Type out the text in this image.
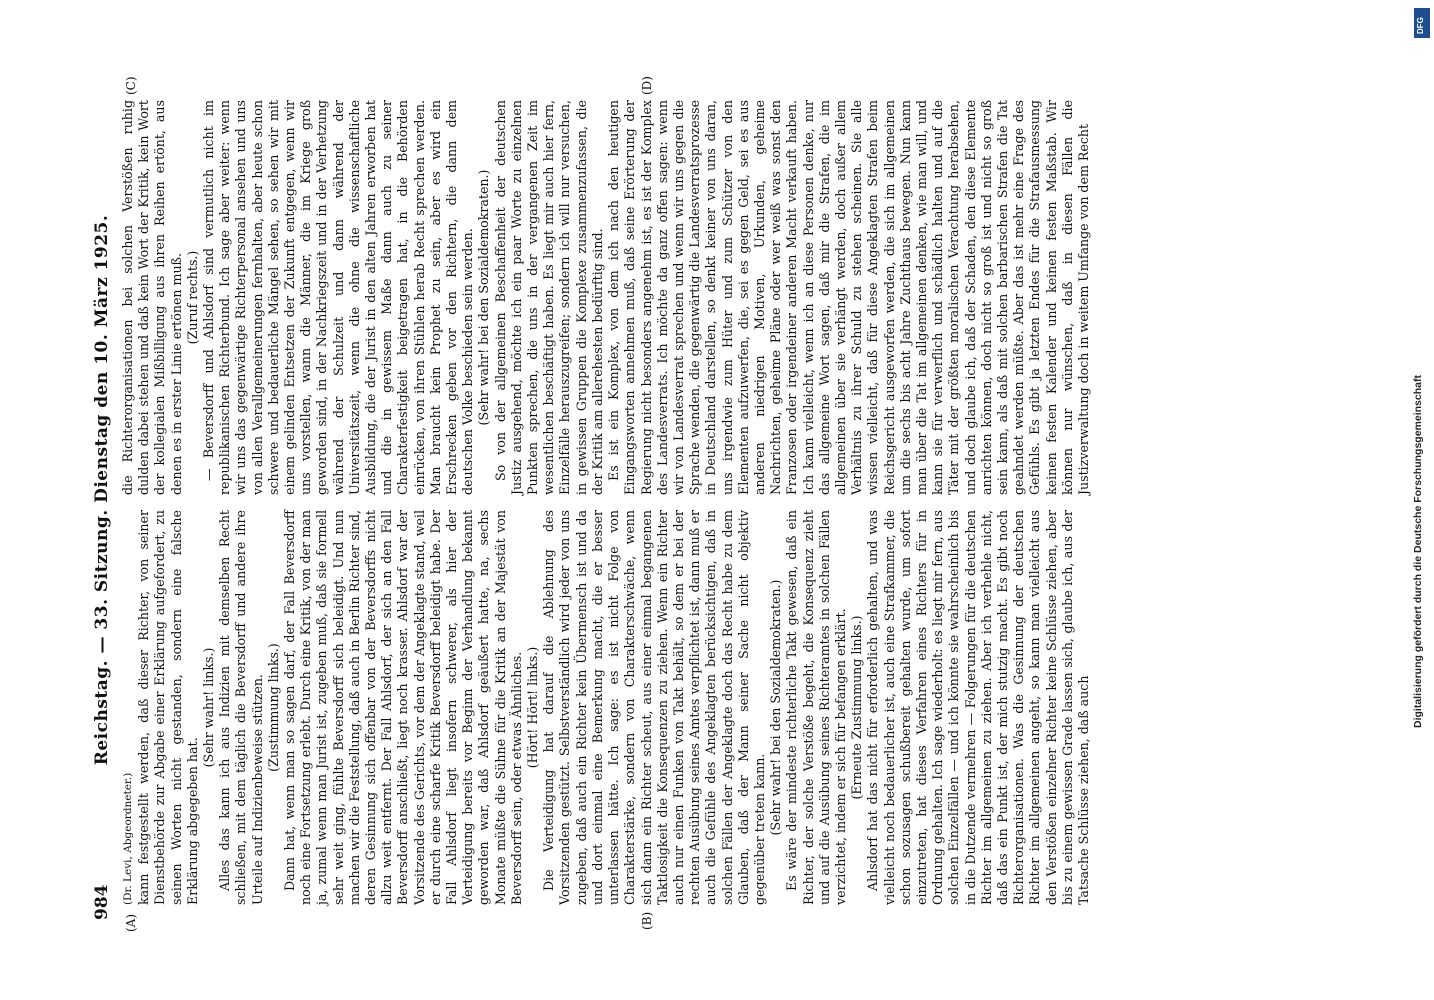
984
Reichstag. — 33. Sitzung. Dienstag den 10. März 1925.
(A)	(B)
(C)	(D)

(Dr. Levi, Abgeordneter.) kann festgestellt werden, daß dieser Richter, von seiner Dienstbehörde zur Abgabe einer Erklärung aufgefordert, zu seinen Worten nicht gestanden, sondern eine falsche Erklärung abgegeben hat.

(Sehr wahr! links.) Alles das kann ich aus Indizien mit demselben Recht schließen, mit dem täglich die Beversdorff und andere ihre Urteile auf Indizienbeweise stützen. (Zustimmung links.) Dann hat, wenn man so sagen darf, der Fall Beversdorff noch eine Fortsetzung erlebt. Durch eine Kritik, von der man ja, zumal wenn man Jurist ist, zugeben muß, daß sie formell sehr weit ging, fühlte Beversdorff sich beleidigt. Und nun machen wir die Feststellung, daß auch in Berlin Richter sind, deren Gesinnung sich offenbar von der Beversdorffs nicht allzu weit entfernt. Der Fall Ahlsdorf, der sich an den Fall Beversdorff anschließt, liegt noch krasser. Ahlsdorf war der Vorsitzende des Gerichts, vor dem der Angeklagte stand, weil er durch eine scharfe Kritik Beversdorff beleidigt habe. Der Fall Ahlsdorf liegt insofern schwerer, als hier der Verteidigung bereits vor Beginn der Verhandlung bekannt geworden war, daß Ahlsdorf geäußert hatte, na, sechs Monate müßte die Sühne für die Kritik an der Majestät von Beversdorff sein, oder etwas Ähnliches. (Hört! Hört! links.) Die Verteidigung hat darauf die Ablehnung des Vorsitzenden gestützt. Selbstverständlich wird jeder von uns zugeben, daß auch ein Richter kein Übermensch ist und da und dort einmal eine Bemerkung macht, die er besser unterlassen hätte. Ich sage: es ist nicht Folge von Charakterstärke, sondern von Charakterschwäche, wenn sich dann ein Richter scheut, aus einer einmal begangenen Taktlosigkeit die Konsequenzen zu ziehen. Wenn ein Richter auch nur einen Funken von Takt behält, so dem er bei der rechten Ausübung seines Amtes verpflichtet ist, dann muß er auch die Gefühle des Angeklagten berücksichtigen, daß in solchen Fällen der Angeklagte doch das Recht habe zu dem Glauben, daß der Mann seiner Sache nicht objektiv gegenüber treten kann. (Sehr wahr! bei den Sozialdemokraten.) Es wäre der mindeste richterliche Takt gewesen, daß ein Richter, der solche Verstöße begeht, die Konsequenz zieht und auf die Ausübung seines Richteramtes in solchen Fällen verzichtet, indem er sich für befangen erklärt. (Erneute Zustimmung links.) Ahlsdorf hat das nicht für erforderlich gehalten, und was vielleicht noch bedauerlicher ist, auch eine Strafkammer, die schon sozusagen schußbereit gehalten wurde, um sofort einzutreten, hat dieses Verfahren eines Richters für in Ordnung gehalten. Ich sage wiederholt: es liegt mir fern, aus solchen Einzelfällen — und ich könnte sie wahrscheinlich bis in die Dutzende vermehren — Folgerungen für die deutschen Richter im allgemeinen zu ziehen. Aber ich verhehle nicht, daß das ein Punkt ist, der mich stutzig macht. Es gibt noch Richterorganisationen. Was die Gesinnung der deutschen Richter im allgemeinen angeht, so kann man vielleicht aus den Verstößen einzelner Richter keine Schlüsse ziehen, aber bis zu einem gewissen Grade lassen sich, glaube ich, aus der Tatsache Schlüsse ziehen, daß auch

die Richterorganisationen bei solchen Verstößen ruhig dulden dabei stehen und daß kein Wort der Kritik, kein Wort der kollegialen Mißbilligung aus ihren Reihen ertönt, aus denen es in erster Linie ertönen muß. (Zuruf rechts.) — Beversdorff und Ahlsdorf sind vermutlich nicht im republikanischen Richterbund. Ich sage aber weiter: wenn wir uns das gegenwärtige Richterpersonal ansehen und uns von allen Verallgemeinerungen fernhalten, aber heute schon schwere und bedauerliche Mängel sehen, so sehen wir mit einem gelinden Entsetzen der Zukunft entgegen, wenn wir uns vorstellen, wann die Männer, die im Kriege groß geworden sind, in der Nachkriegszeit und in der Verhetzung während der Schulzeit und dann während der Universitätszeit, wenn die ohne die wissenschaftliche Ausbildung, die der Jurist in den alten Jahren erworben hat und die in gewissem Maße dann auch zu seiner Charakterfestigkeit beigetragen hat, in die Behörden einrücken, von ihren Stühlen herab Recht sprechen werden. Man braucht kein Prophet zu sein, aber es wird ein Erschrecken geben vor den Richtern, die dann dem deutschen Volke beschieden sein werden. (Sehr wahr! bei den Sozialdemokraten.) So von der allgemeinen Beschaffenheit der deutschen Justiz ausgehend, möchte ich ein paar Worte zu einzelnen Punkten sprechen, die uns in der vergangenen Zeit im wesentlichen beschäftigt haben. Es liegt mir auch hier fern, Einzelfälle herauszugreifen; sondern ich will nur versuchen, in gewissen Gruppen die Komplexe zusammenzufassen, die der Kritik am allerehesten bedürftig sind. Es ist ein Komplex, von dem ich nach den heutigen Eingangsworten annehmen muß, daß seine Erörterung der Regierung nicht besonders angenehm ist, es ist der Komplex des Landesverrats. Ich möchte da ganz offen sagen: wenn wir von Landesverrat sprechen und wenn wir uns gegen die Sprache wenden, die gegenwärtig die Landesverratsprozesse in Deutschland darstellen, so denkt keiner von uns daran, uns irgendwie zum Hüter und zum Schützer von den Elementen aufzuwerfen, die, sei es gegen Geld, sei es aus anderen niedrigen Motiven, Urkunden, geheime Nachrichten, geheime Pläne oder wer weiß was sonst den Franzosen oder irgendeiner anderen Macht verkauft haben. Ich kann vielleicht, wenn ich an diese Personen denke, nur das allgemeine Wort sagen, daß mir die Strafen, die im allgemeinen über sie verhängt werden, doch außer allem Verhältnis zu ihrer Schuld zu stehen scheinen. Sie alle wissen vielleicht, daß für diese Angeklagten Strafen beim Reichsgericht ausgeworfen werden, die sich im allgemeinen um die sechs bis acht Jahre Zuchthaus bewegen. Nun kann man über die Tat im allgemeinen denken, wie man will, und kann sie für verwerflich und schädlich halten und auf die Täter mit der größten moralischen Verachtung herabsehen, und doch glaube ich, daß der Schaden, den diese Elemente anrichten können, doch nicht so groß ist und nicht so groß sein kann, als daß mit solchen barbarischen Strafen die Tat geahndet werden müßte. Aber das ist mehr eine Frage des Gefühls. Es gibt ja letzten Endes für die Strafausmessung keinen festen Kalender und keinen festen Maßstab. Wir können nur wünschen, daß in diesen Fällen die Justizverwaltung doch in weitem Umfange von dem Recht

Digitalisierung gefördert durch die Deutsche Forschungsgemeinschaft
DFG
